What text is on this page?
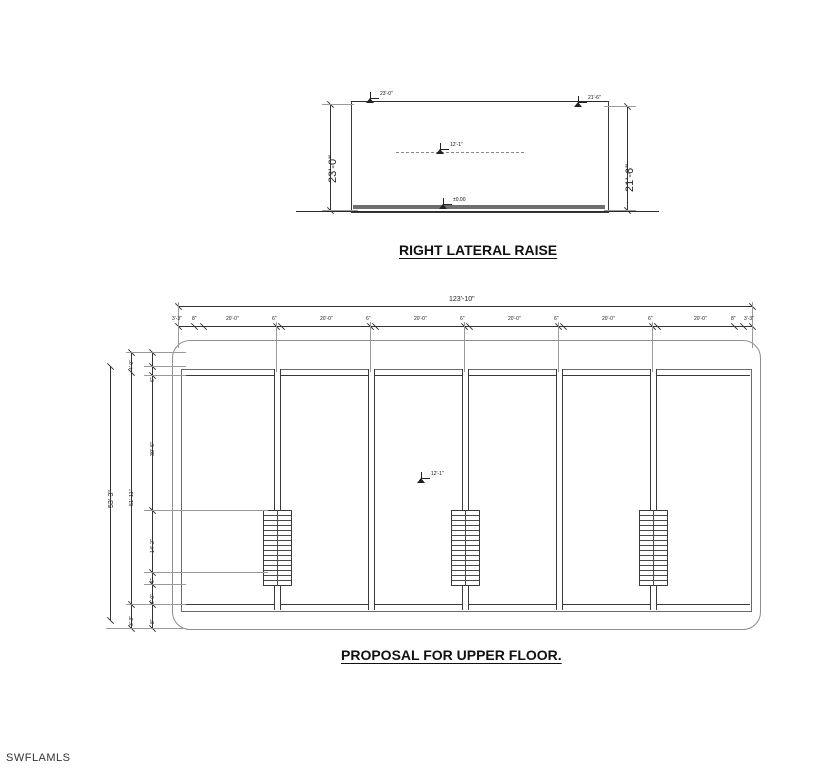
23'-0"	21'-6"
23'-0"
21'-6"
12'-1"
±0.00
RIGHT LATERAL RAISE
12'-1"
123'-10"
3'-3" 8"	20'-0"	6"	20'-0"	6"	20'-0"	6"	20'-0"	6"	20'-0"	6"	20'-0"	8" 3'-3"
53'-3"
4'-0"
51'-11"
3'-3"
6"
30'-6"
14'-2"
6"
6'-0"
8"
PROPOSAL FOR UPPER FLOOR.
SWFLAMLS
